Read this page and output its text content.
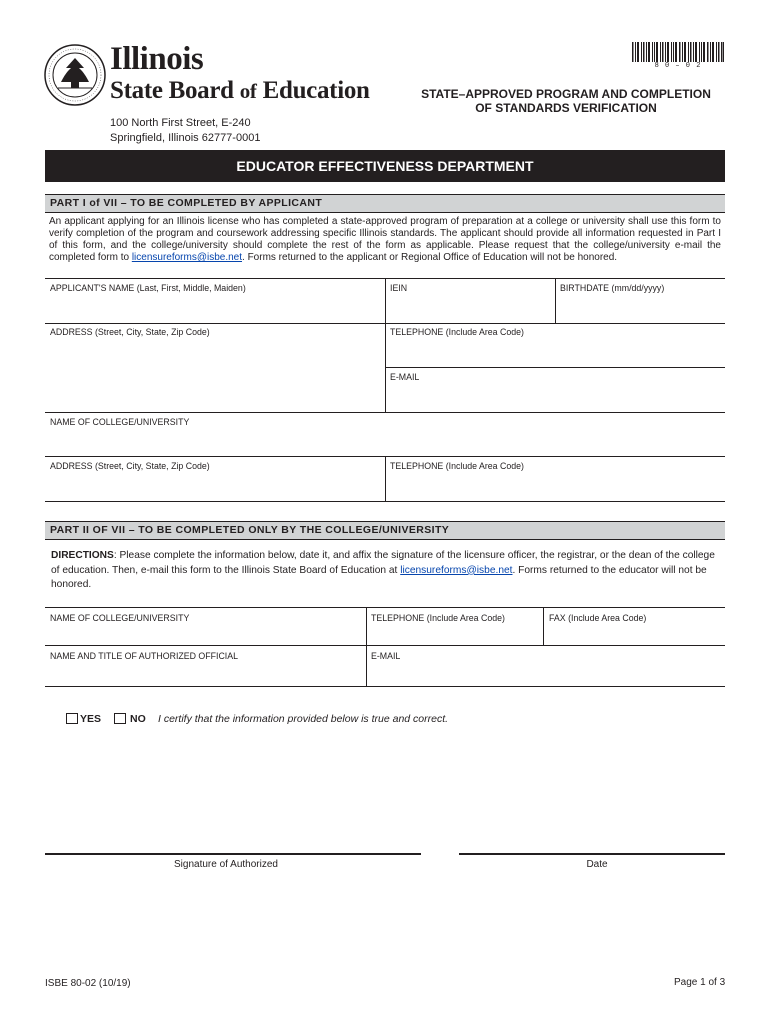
Illinois
State Board of Education
100 North First Street, E-240
Springfield, Illinois 62777-0001
8 0 – 0 2
STATE–APPROVED PROGRAM AND COMPLETION
OF STANDARDS VERIFICATION
EDUCATOR EFFECTIVENESS DEPARTMENT
PART I of VII – TO BE COMPLETED BY APPLICANT
An applicant applying for an Illinois license who has completed a state-approved program of preparation at a college or university shall use this form to verify completion of the program and coursework addressing specific Illinois standards. The applicant should provide all information requested in Part I of this form, and the college/university should complete the rest of the form as applicable. Please request that the college/university e-mail the completed form to licensureforms@isbe.net. Forms returned to the applicant or Regional Office of Education will not be honored.
APPLICANT'S NAME (Last, First, Middle, Maiden)	IEIN	BIRTHDATE (mm/dd/yyyy)
ADDRESS (Street, City, State, Zip Code)	TELEPHONE (Include Area Code)
E-MAIL
NAME OF COLLEGE/UNIVERSITY
ADDRESS (Street, City, State, Zip Code)	TELEPHONE (Include Area Code)
PART II OF VII – TO BE COMPLETED ONLY BY THE COLLEGE/UNIVERSITY
DIRECTIONS: Please complete the information below, date it, and affix the signature of the licensure officer, the registrar, or the dean of the college of education. Then, e-mail this form to the Illinois State Board of Education at licensureforms@isbe.net. Forms returned to the educator will not be honored.
NAME OF COLLEGE/UNIVERSITY	TELEPHONE (Include Area Code)	FAX (Include Area Code)
NAME AND TITLE OF AUTHORIZED OFFICIAL	E-MAIL
YES	NO I certify that the information provided below is true and correct.
Signature of Authorized	Date
ISBE 80-02 (10/19)	Page 1 of 3
